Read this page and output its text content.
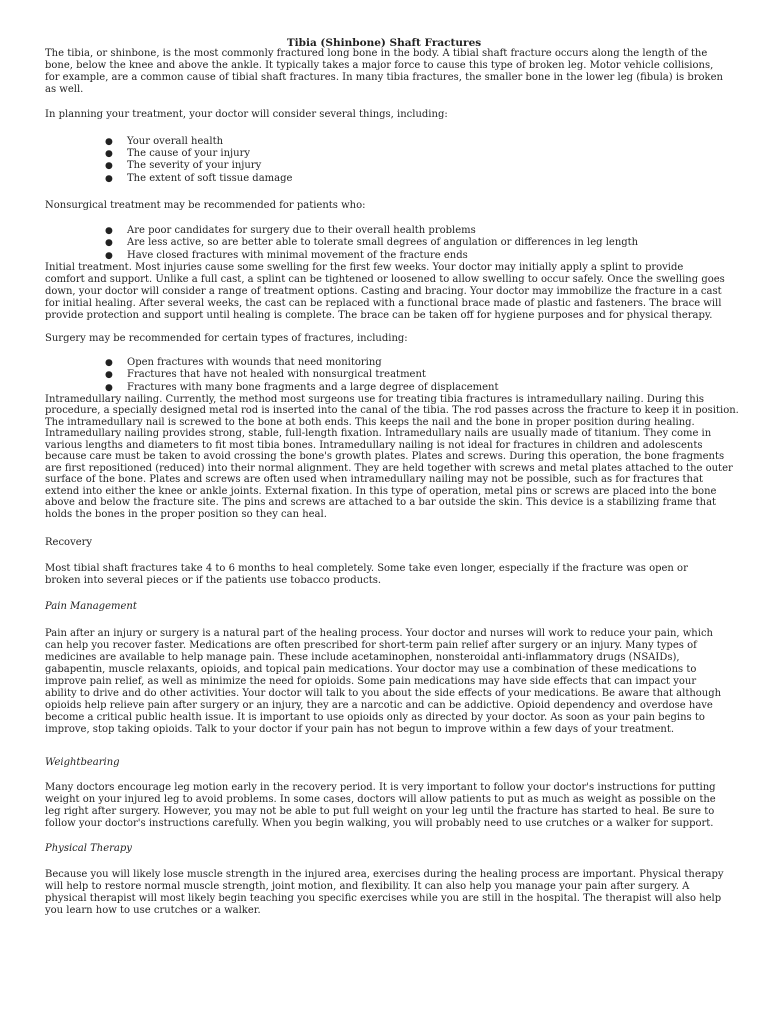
Tibia (Shinbone) Shaft Fractures

The tibia, or shinbone, is the most commonly fractured long bone in the body. A tibial shaft fracture occurs along the length of the bone, below the knee and above the ankle. It typically takes a major force to cause this type of broken leg. Motor vehicle collisions, for example, are a common cause of tibial shaft fractures. In many tibia fractures, the smaller bone in the lower leg (fibula) is broken as well.

In planning your treatment, your doctor will consider several things, including:

● Your overall health
● The cause of your injury
● The severity of your injury
● The extent of soft tissue damage

Nonsurgical treatment may be recommended for patients who:

● Are poor candidates for surgery due to their overall health problems
● Are less active, so are better able to tolerate small degrees of angulation or differences in leg length
● Have closed fractures with minimal movement of the fracture ends

Initial treatment. Most injuries cause some swelling for the first few weeks. Your doctor may initially apply a splint to provide comfort and support. Unlike a full cast, a splint can be tightened or loosened to allow swelling to occur safely. Once the swelling goes down, your doctor will consider a range of treatment options. Casting and bracing. Your doctor may immobilize the fracture in a cast for initial healing. After several weeks, the cast can be replaced with a functional brace made of plastic and fasteners. The brace will provide protection and support until healing is complete. The brace can be taken off for hygiene purposes and for physical therapy.

Surgery may be recommended for certain types of fractures, including:

● Open fractures with wounds that need monitoring
● Fractures that have not healed with nonsurgical treatment
● Fractures with many bone fragments and a large degree of displacement
Intramedullary nailing. Currently, the method most surgeons use for treating tibia fractures is intramedullary nailing. During this
procedure, a specially designed metal rod is inserted into the canal of the tibia. The rod passes across the fracture to keep it in position.
The intramedullary nail is screwed to the bone at both ends. This keeps the nail and the bone in proper position during healing.
Intramedullary nailing provides strong, stable, full-length fixation. Intramedullary nails are usually made of titanium. They come in
various lengths and diameters to fit most tibia bones. Intramedullary nailing is not ideal for fractures in children and adolescents
because care must be taken to avoid crossing the bone's growth plates. Plates and screws. During this operation, the bone fragments
are first repositioned (reduced) into their normal alignment. They are held together with screws and metal plates attached to the outer
surface of the bone. Plates and screws are often used when intramedullary nailing may not be possible, such as for fractures that
extend into either the knee or ankle joints. External fixation. In this type of operation, metal pins or screws are placed into the bone
above and below the fracture site. The pins and screws are attached to a bar outside the skin. This device is a stabilizing frame that
holds the bones in the proper position so they can heal.

Recovery

Most tibial shaft fractures take 4 to 6 months to heal completely. Some take even longer, especially if the fracture was open or broken into several pieces or if the patients use tobacco products.

Pain Management

Pain after an injury or surgery is a natural part of the healing process. Your doctor and nurses will work to reduce your pain, which can help you recover faster. Medications are often prescribed for short-term pain relief after surgery or an injury. Many types of medicines are available to help manage pain. These include acetaminophen, nonsteroidal anti-inflammatory drugs (NSAIDs), gabapentin, muscle relaxants, opioids, and topical pain medications. Your doctor may use a combination of these medications to improve pain relief, as well as minimize the need for opioids. Some pain medications may have side effects that can impact your ability to drive and do other activities. Your doctor will talk to you about the side effects of your medications. Be aware that although opioids help relieve pain after surgery or an injury, they are a narcotic and can be addictive. Opioid dependency and overdose have become a critical public health issue. It is important to use opioids only as directed by your doctor. As soon as your pain begins to improve, stop taking opioids. Talk to your doctor if your pain has not begun to improve within a few days of your treatment.

Weightbearing

Many doctors encourage leg motion early in the recovery period. It is very important to follow your doctor's instructions for putting weight on your injured leg to avoid problems. In some cases, doctors will allow patients to put as much as weight as possible on the leg right after surgery. However, you may not be able to put full weight on your leg until the fracture has started to heal. Be sure to follow your doctor's instructions carefully. When you begin walking, you will probably need to use crutches or a walker for support.

Physical Therapy

Because you will likely lose muscle strength in the injured area, exercises during the healing process are important. Physical therapy will help to restore normal muscle strength, joint motion, and flexibility. It can also help you manage your pain after surgery. A physical therapist will most likely begin teaching you specific exercises while you are still in the hospital. The therapist will also help you learn how to use crutches or a walker.
